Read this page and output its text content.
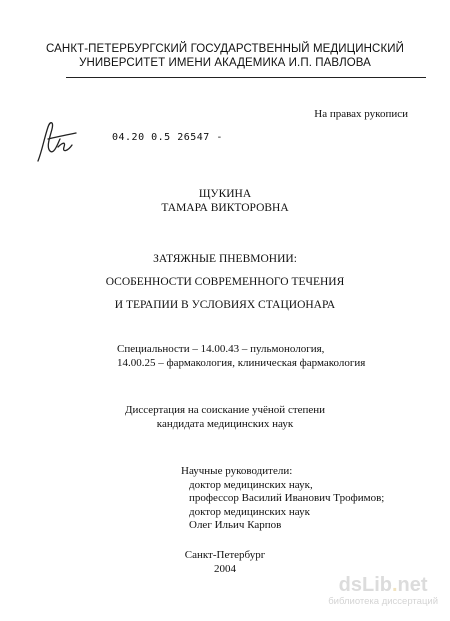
САНКТ-ПЕТЕРБУРГСКИЙ ГОСУДАРСТВЕННЫЙ МЕДИЦИНСКИЙ
УНИВЕРСИТЕТ ИМЕНИ АКАДЕМИКА И.П. ПАВЛОВА
На правах рукописи
04.20 0.5 26547 -
ЩУКИНА
ТАМАРА ВИКТОРОВНА
ЗАТЯЖНЫЕ ПНЕВМОНИИ:
ОСОБЕННОСТИ СОВРЕМЕННОГО ТЕЧЕНИЯ
И ТЕРАПИИ В УСЛОВИЯХ СТАЦИОНАРА
Специальности – 14.00.43 – пульмонология,
14.00.25 – фармакология, клиническая фармакология
Диссертация на соискание учёной степени
кандидата медицинских наук
Научные руководители:
доктор медицинских наук,
профессор Василий Иванович Трофимов;
доктор медицинских наук
Олег Ильич Карпов
Санкт-Петербург
2004
dsLib.net
библиотека диссертаций
